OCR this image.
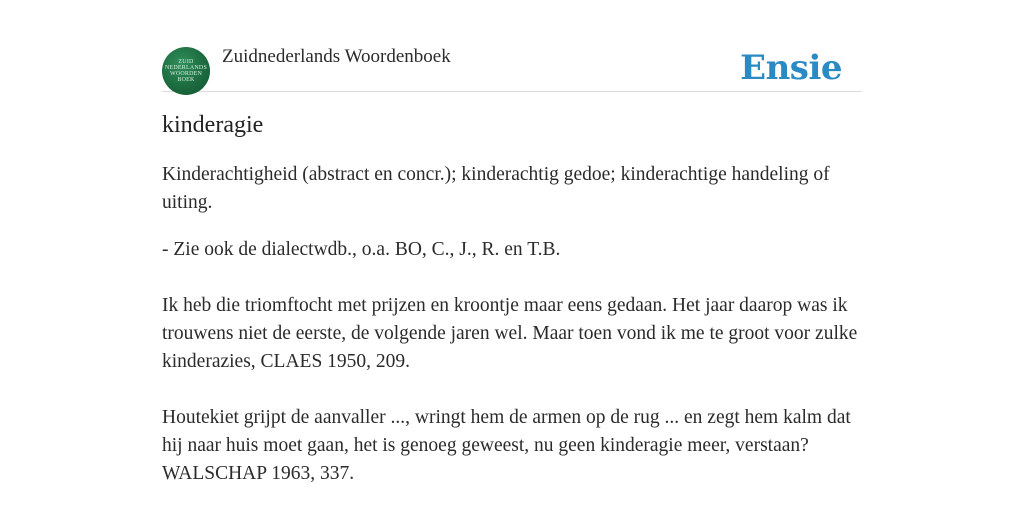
ZUID
NEDERLANDS
WOORDEN
BOEK
Zuidnederlands Woordenboek	Ensie
kinderagie

Kinderachtigheid (abstract en concr.); kinderachtig gedoe; kinderachtige handeling of uiting.

- Zie ook de dialectwdb., o.a. BO, C., J., R. en T.B.

Ik heb die triomftocht met prijzen en kroontje maar eens gedaan. Het jaar daarop was ik trouwens niet de eerste, de volgende jaren wel. Maar toen vond ik me te groot voor zulke kinderazies, CLAES 1950, 209.

Houtekiet grijpt de aanvaller ..., wringt hem de armen op de rug ... en zegt hem kalm dat hij naar huis moet gaan, het is genoeg geweest, nu geen kinderagie meer, verstaan? WALSCHAP 1963, 337.
